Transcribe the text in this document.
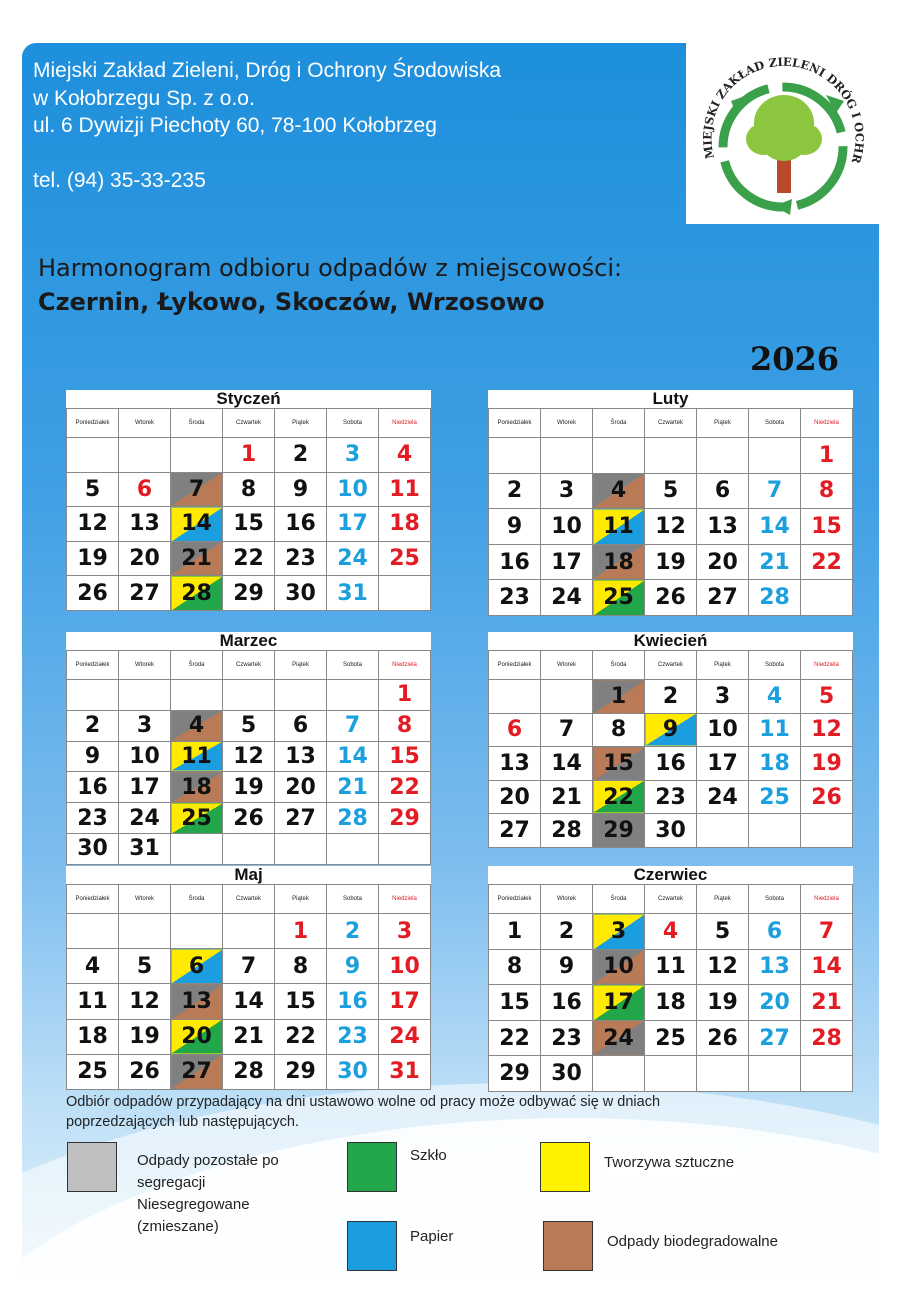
Miejski Zakład Zieleni, Dróg i Ochrony Środowiska
w Kołobrzegu Sp. z o.o.
ul. 6 Dywizji Piechoty 60, 78-100 Kołobrzeg
tel. (94) 35-33-235
MIEJSKI ZAKŁAD ZIELENI DRÓG I OCHR
Harmonogram odbioru odpadów z miejscowości:
Czernin, Łykowo, Skoczów, Wrzosowo
2026
Styczeń
Poniedziałek	Wtorek	Środa	Czwartek	Piątek	Sobota	Niedziela
			1	2	3	4
5	6	7	8	9	10	11
12	13	14	15	16	17	18
19	20	21	22	23	24	25
26	27	28	29	30	31	
Luty
Poniedziałek	Wtorek	Środa	Czwartek	Piątek	Sobota	Niedziela
						1
2	3	4	5	6	7	8
9	10	11	12	13	14	15
16	17	18	19	20	21	22
23	24	25	26	27	28	
Marzec
Poniedziałek	Wtorek	Środa	Czwartek	Piątek	Sobota	Niedziela
						1
2	3	4	5	6	7	8
9	10	11	12	13	14	15
16	17	18	19	20	21	22
23	24	25	26	27	28	29
30	31					
Kwiecień
Poniedziałek	Wtorek	Środa	Czwartek	Piątek	Sobota	Niedziela
		1	2	3	4	5
6	7	8	9	10	11	12
13	14	15	16	17	18	19
20	21	22	23	24	25	26
27	28	29	30			
Maj
Poniedziałek	Wtorek	Środa	Czwartek	Piątek	Sobota	Niedziela
				1	2	3
4	5	6	7	8	9	10
11	12	13	14	15	16	17
18	19	20	21	22	23	24
25	26	27	28	29	30	31
Czerwiec
Poniedziałek	Wtorek	Środa	Czwartek	Piątek	Sobota	Niedziela
1	2	3	4	5	6	7
8	9	10	11	12	13	14
15	16	17	18	19	20	21
22	23	24	25	26	27	28
29	30					
Odbiór odpadów przypadający na dni ustawowo wolne od pracy może odbywać się w dniach poprzedzających lub następujących.
Odpady pozostałe po segregacji Niesegregowane (zmieszane)
Szkło	Tworzywa sztuczne
Papier	Odpady biodegradowalne
